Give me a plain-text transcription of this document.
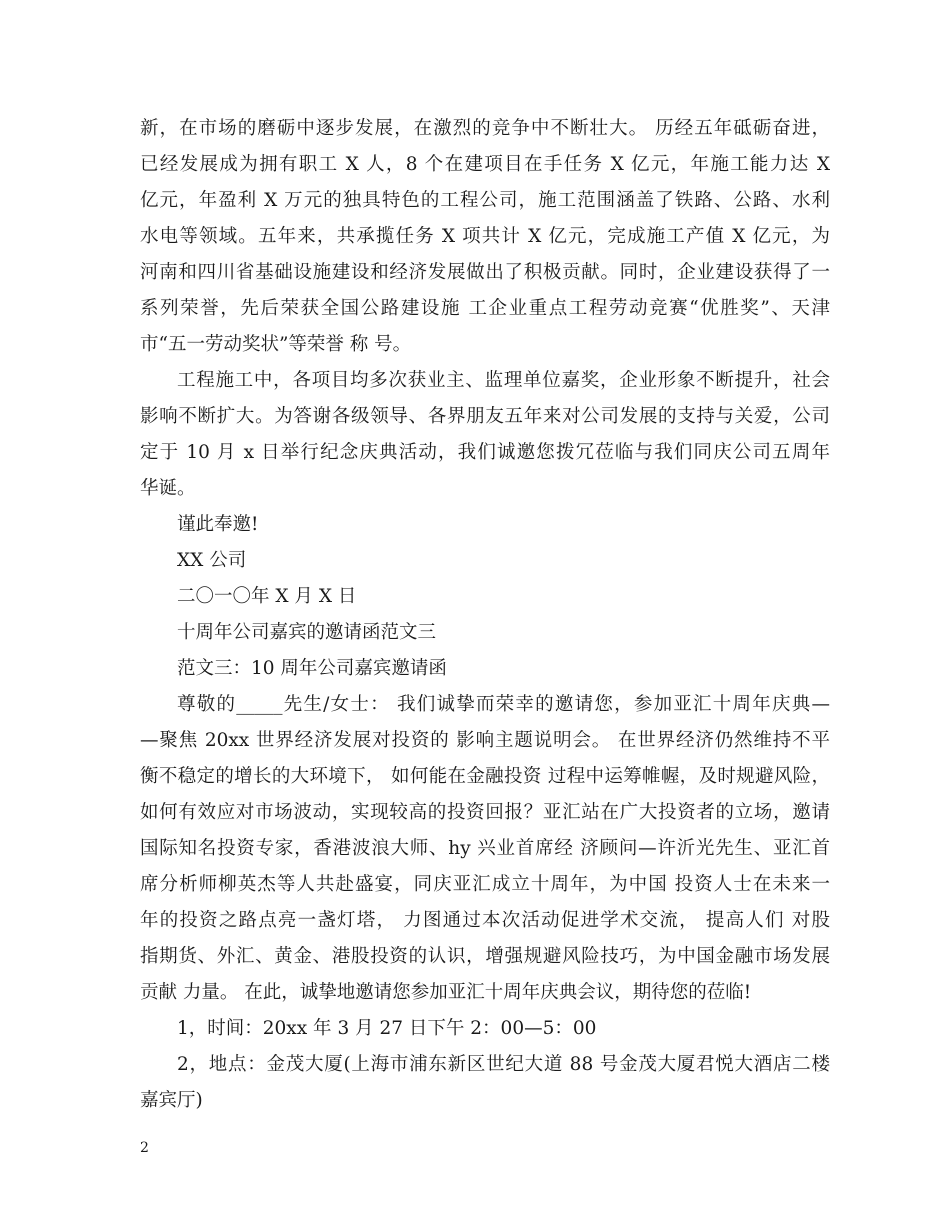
新，在市场的磨砺中逐步发展，在激烈的竞争中不断壮大。 历经五年砥砺奋进，
已经发展成为拥有职工 X 人，8 个在建项目在手任务 X 亿元，年施工能力达 X
亿元，年盈利 X 万元的独具特色的工程公司，施工范围涵盖了铁路、公路、水利
水电等领域。五年来，共承揽任务 X 项共计 X 亿元，完成施工产值 X 亿元，为
河南和四川省基础设施建设和经济发展做出了积极贡献。同时，企业建设获得了一
系列荣誉，先后荣获全国公路建设施 工企业重点工程劳动竞赛“优胜奖”、天津
市“五一劳动奖状”等荣誉 称 号。
工程施工中，各项目均多次获业主、监理单位嘉奖，企业形象不断提升，社会
影响不断扩大。为答谢各级领导、各界朋友五年来对公司发展的支持与关爱，公司
定于 10 月 x 日举行纪念庆典活动，我们诚邀您拨冗莅临与我们同庆公司五周年
华诞。
谨此奉邀!
XX 公司
二〇一〇年 X 月 X 日
十周年公司嘉宾的邀请函范文三
范文三：10 周年公司嘉宾邀请函
尊敬的_____先生/女士： 我们诚挚而荣幸的邀请您，参加亚汇十周年庆典—
—聚焦 20xx 世界经济发展对投资的 影响主题说明会。 在世界经济仍然维持不平
衡不稳定的增长的大环境下， 如何能在金融投资 过程中运筹帷幄，及时规避风险，
如何有效应对市场波动，实现较高的投资回报？亚汇站在广大投资者的立场，邀请
国际知名投资专家，香港波浪大师、hy 兴业首席经 济顾问—许沂光先生、亚汇首
席分析师柳英杰等人共赴盛宴，同庆亚汇成立十周年，为中国 投资人士在未来一
年的投资之路点亮一盏灯塔， 力图通过本次活动促进学术交流， 提高人们 对股
指期货、外汇、黄金、港股投资的认识，增强规避风险技巧，为中国金融市场发展
贡献 力量。 在此，诚挚地邀请您参加亚汇十周年庆典会议，期待您的莅临!
1，时间：20xx 年 3 月 27 日下午 2：00—5：00
2，地点：金茂大厦(上海市浦东新区世纪大道 88 号金茂大厦君悦大酒店二楼
嘉宾厅)
2
